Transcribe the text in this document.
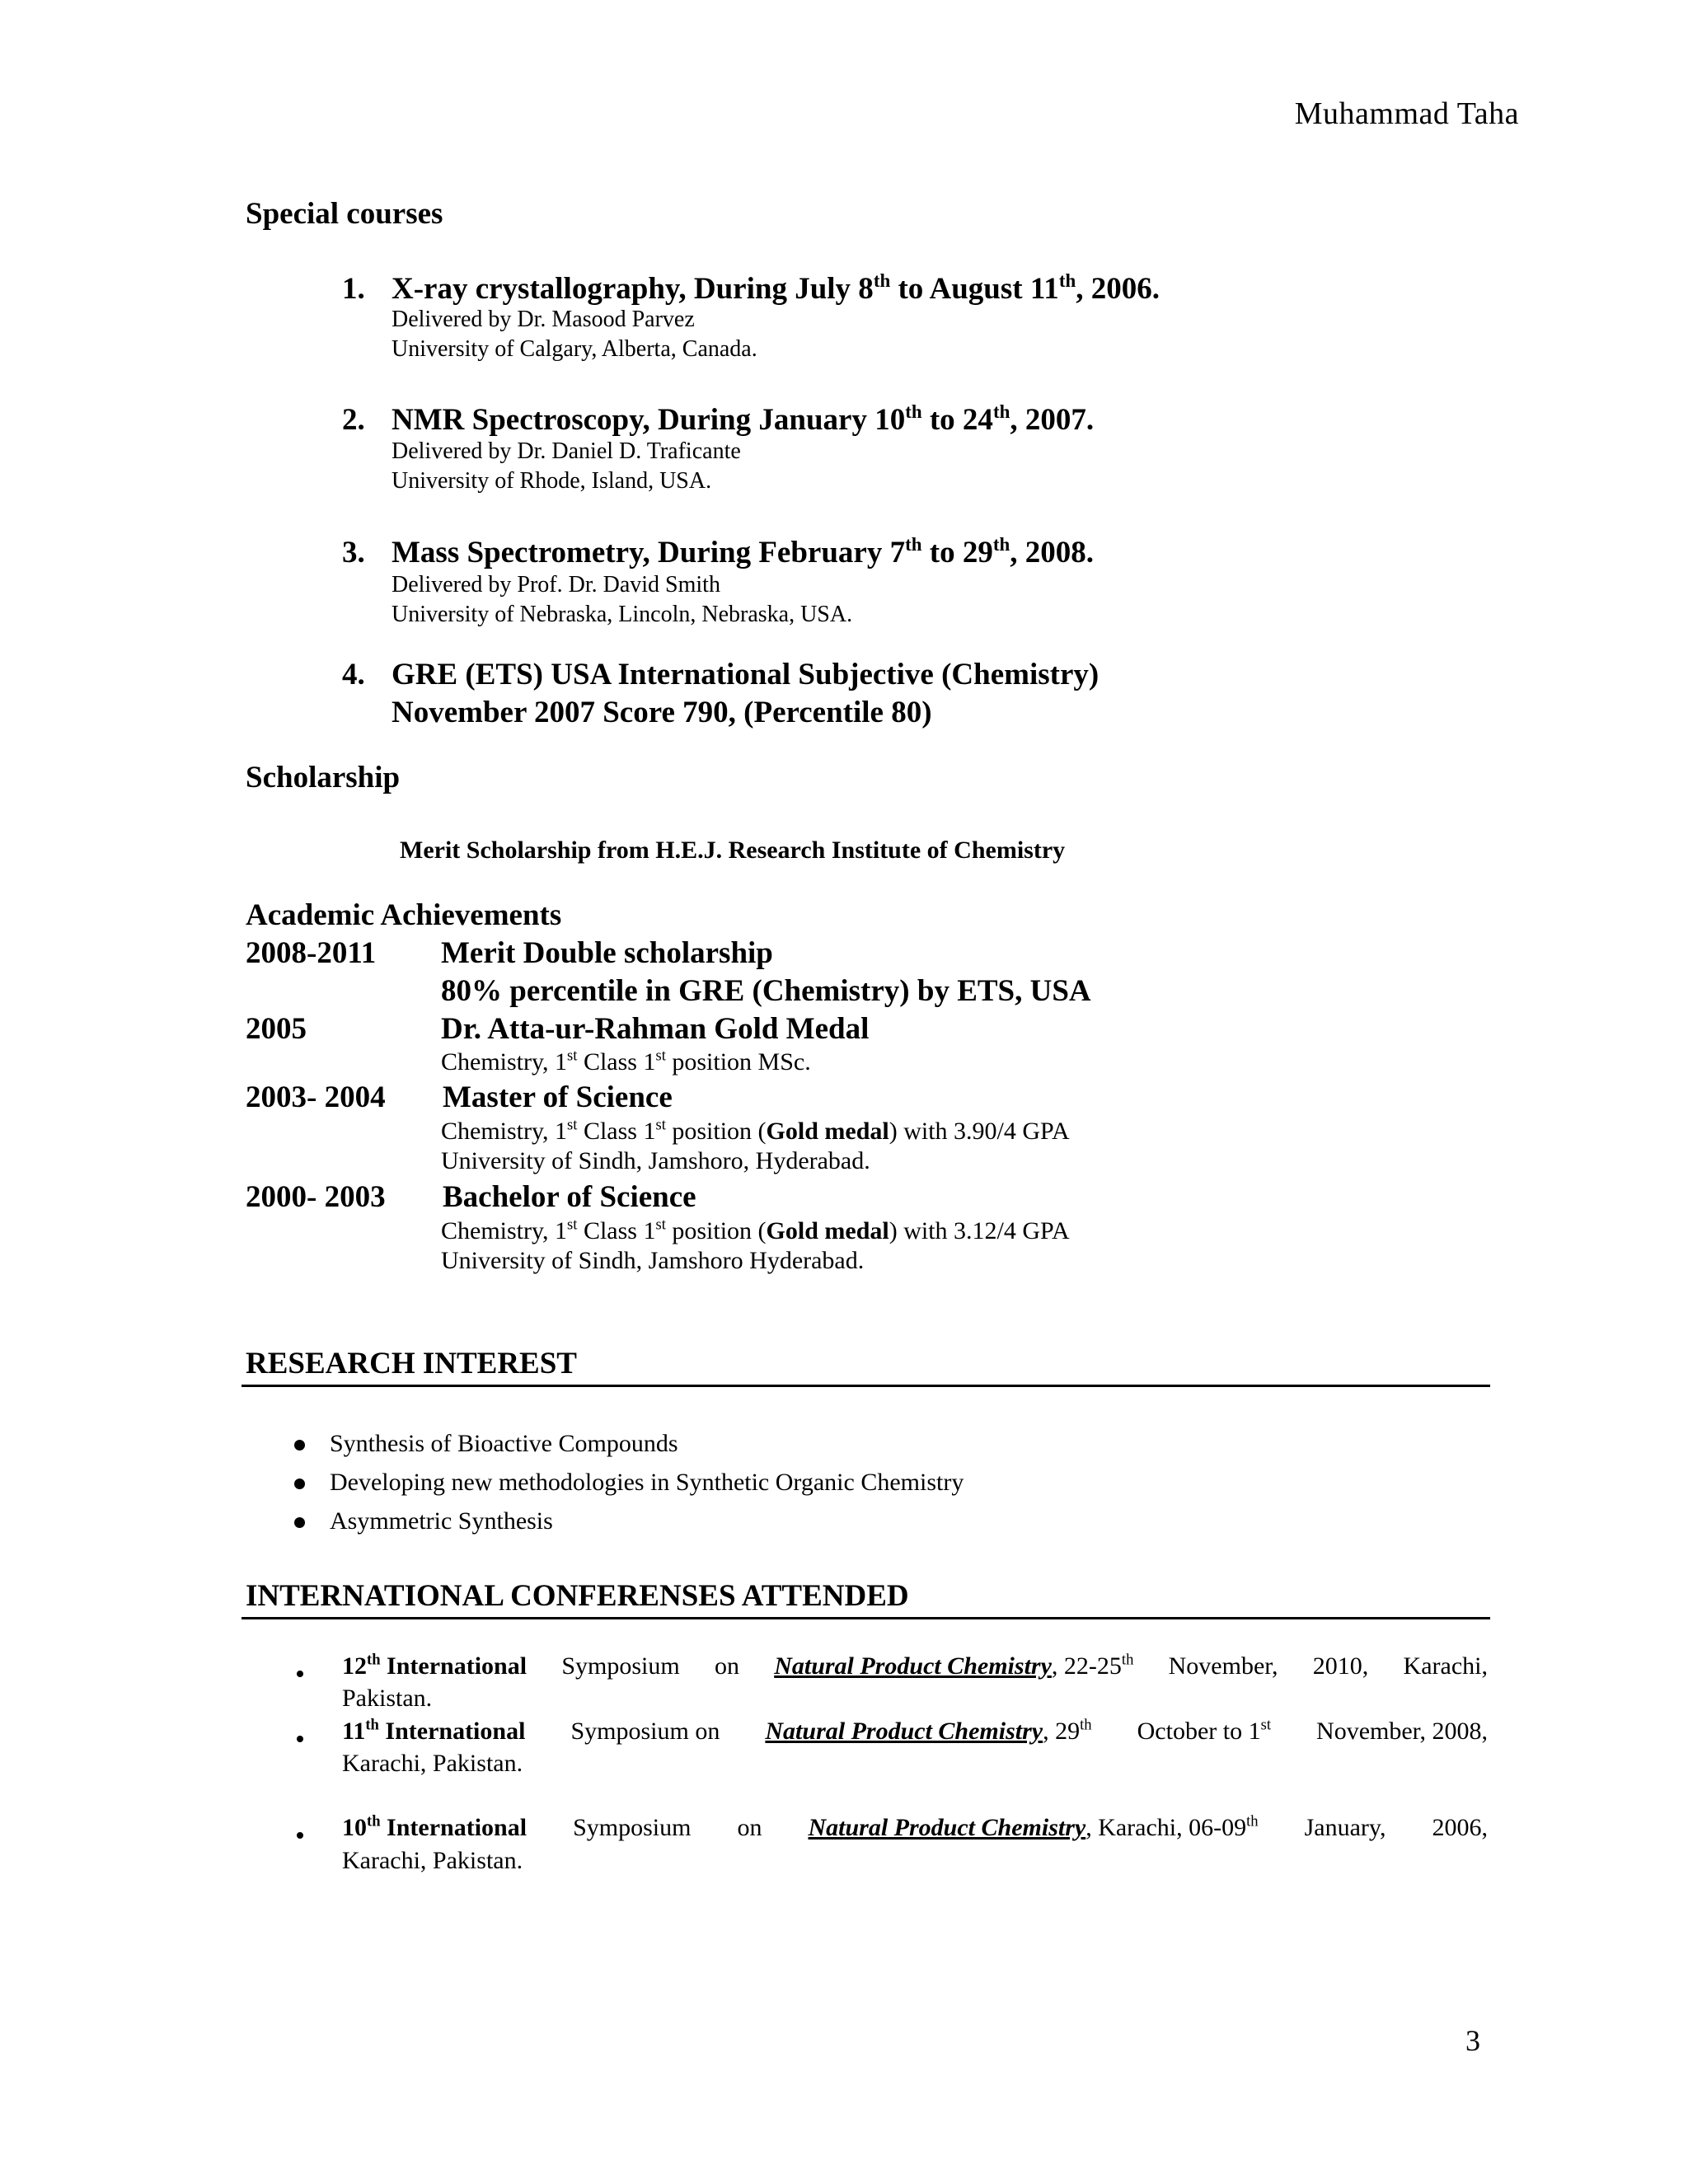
Muhammad Taha
Special courses
1. X-ray crystallography, During July 8th to August 11th, 2006.
Delivered by Dr. Masood Parvez
University of Calgary, Alberta, Canada.
2. NMR Spectroscopy, During January 10th to 24th, 2007.
Delivered by Dr. Daniel D. Traficante
University of Rhode, Island, USA.
3. Mass Spectrometry, During February 7th to 29th, 2008.
Delivered by Prof. Dr. David Smith
University of Nebraska, Lincoln, Nebraska, USA.
4. GRE (ETS) USA International Subjective (Chemistry)
November 2007 Score 790, (Percentile 80)
Scholarship
Merit Scholarship from H.E.J. Research Institute of Chemistry
Academic Achievements
2008-2011 Merit Double scholarship
80% percentile in GRE (Chemistry) by ETS, USA
2005	Dr. Atta-ur-Rahman Gold Medal
Chemistry, 1st Class 1st position MSc.
2003- 2004 Master of Science
Chemistry, 1st Class 1st position (Gold medal) with 3.90/4 GPA
University of Sindh, Jamshoro, Hyderabad.
2000- 2003 Bachelor of Science
Chemistry, 1st Class 1st position (Gold medal) with 3.12/4 GPA
University of Sindh, Jamshoro Hyderabad.
RESEARCH INTEREST
Synthesis of Bioactive Compounds
Developing new methodologies in Synthetic Organic Chemistry
Asymmetric Synthesis
INTERNATIONAL CONFERENSES ATTENDED
12th International Symposium on Natural Product Chemistry, 22-25th November, 2010, Karachi,
Pakistan.
11th International Symposium on Natural Product Chemistry, 29th October to 1st November, 2008,
Karachi, Pakistan.
10th International Symposium on Natural Product Chemistry, Karachi, 06-09th January, 2006,
Karachi, Pakistan.
3
